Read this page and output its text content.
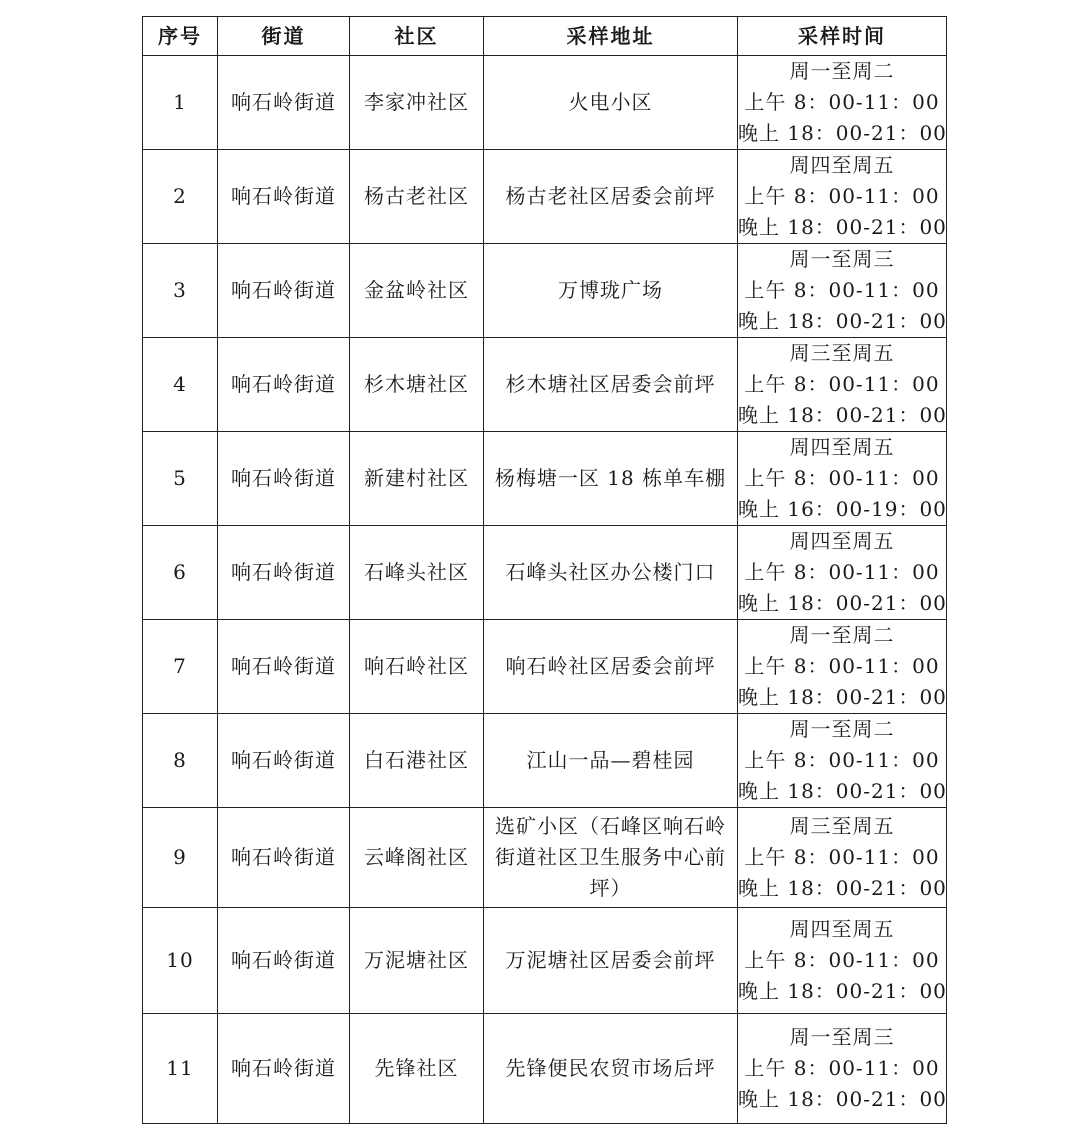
序号	街道	社区	采样地址	采样时间
1	响石岭街道	李家冲社区	火电小区	周一至周二
上午 8：00-11：00
晚上 18：00-21：00

2	响石岭街道	杨古老社区	杨古老社区居委会前坪	周四至周五
上午 8：00-11：00
晚上 18：00-21：00

3	响石岭街道	金盆岭社区	万博珑广场	周一至周三
上午 8：00-11：00
晚上 18：00-21：00

4	响石岭街道	杉木塘社区	杉木塘社区居委会前坪	周三至周五
上午 8：00-11：00
晚上 18：00-21：00

5	响石岭街道	新建村社区	杨梅塘一区 18 栋单车棚	周四至周五
上午 8：00-11：00
晚上 16：00-19：00

6	响石岭街道	石峰头社区	石峰头社区办公楼门口	周四至周五
上午 8：00-11：00
晚上 18：00-21：00

7	响石岭街道	响石岭社区	响石岭社区居委会前坪	周一至周二
上午 8：00-11：00
晚上 18：00-21：00

8	响石岭街道	白石港社区	江山一品—碧桂园	周一至周二
上午 8：00-11：00
晚上 18：00-21：00

9	响石岭街道	云峰阁社区	选矿小区（石峰区响石岭街道社区卫生服务中心前坪）	周三至周五
上午 8：00-11：00
晚上 18：00-21：00

10	响石岭街道	万泥塘社区	万泥塘社区居委会前坪	周四至周五
上午 8：00-11：00
晚上 18：00-21：00

11	响石岭街道	先锋社区	先锋便民农贸市场后坪	周一至周三
上午 8：00-11：00
晚上 18：00-21：00
